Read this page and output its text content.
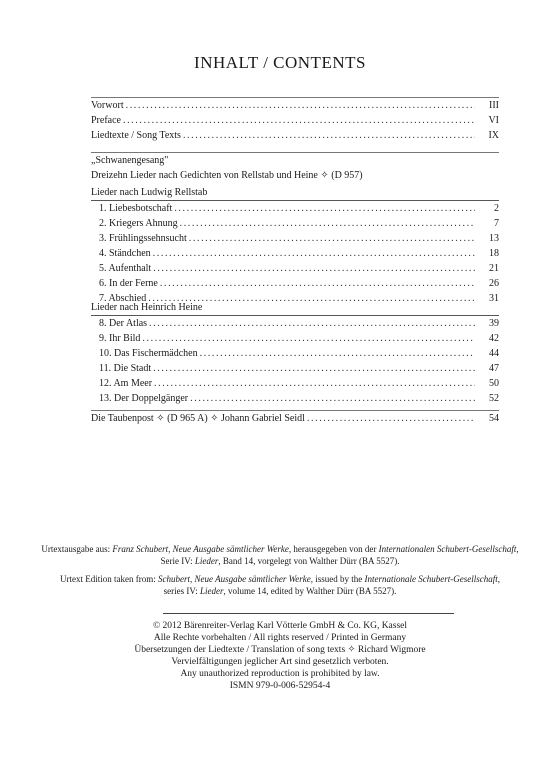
INHALT / CONTENTS
Vorwort .....	III
Preface .....	VI
Liedtexte / Song Texts .....	IX
„Schwanengesang"
Dreizehn Lieder nach Gedichten von Rellstab und Heine ✧ (D 957)
Lieder nach Ludwig Rellstab
1. Liebesbotschaft .....	2
2. Kriegers Ahnung .....	7
3. Frühlingssehnsucht .....	13
4. Ständchen .....	18
5. Aufenthalt .....	21
6. In der Ferne .....	26
7. Abschied .....	31
Lieder nach Heinrich Heine
8. Der Atlas .....	39
9. Ihr Bild .....	42
10. Das Fischermädchen .....	44
11. Die Stadt .....	47
12. Am Meer .....	50
13. Der Doppelgänger .....	52
Die Taubenpost ✧ (D 965 A) ✧ Johann Gabriel Seidl .....	54
Urtextausgabe aus: Franz Schubert, Neue Ausgabe sämtlicher Werke, herausgegeben von der Internationalen Schubert-Gesellschaft,
Serie IV: Lieder, Band 14, vorgelegt von Walther Dürr (BA 5527).
Urtext Edition taken from: Schubert, Neue Ausgabe sämtlicher Werke, issued by the Internationale Schubert-Gesellschaft,
series IV: Lieder, volume 14, edited by Walther Dürr (BA 5527).
© 2012 Bärenreiter-Verlag Karl Vötterle GmbH & Co. KG, Kassel
Alle Rechte vorbehalten / All rights reserved / Printed in Germany
Übersetzungen der Liedtexte / Translation of song texts ✧ Richard Wigmore
Vervielfältigungen jeglicher Art sind gesetzlich verboten.
Any unauthorized reproduction is prohibited by law.
ISMN 979-0-006-52954-4
